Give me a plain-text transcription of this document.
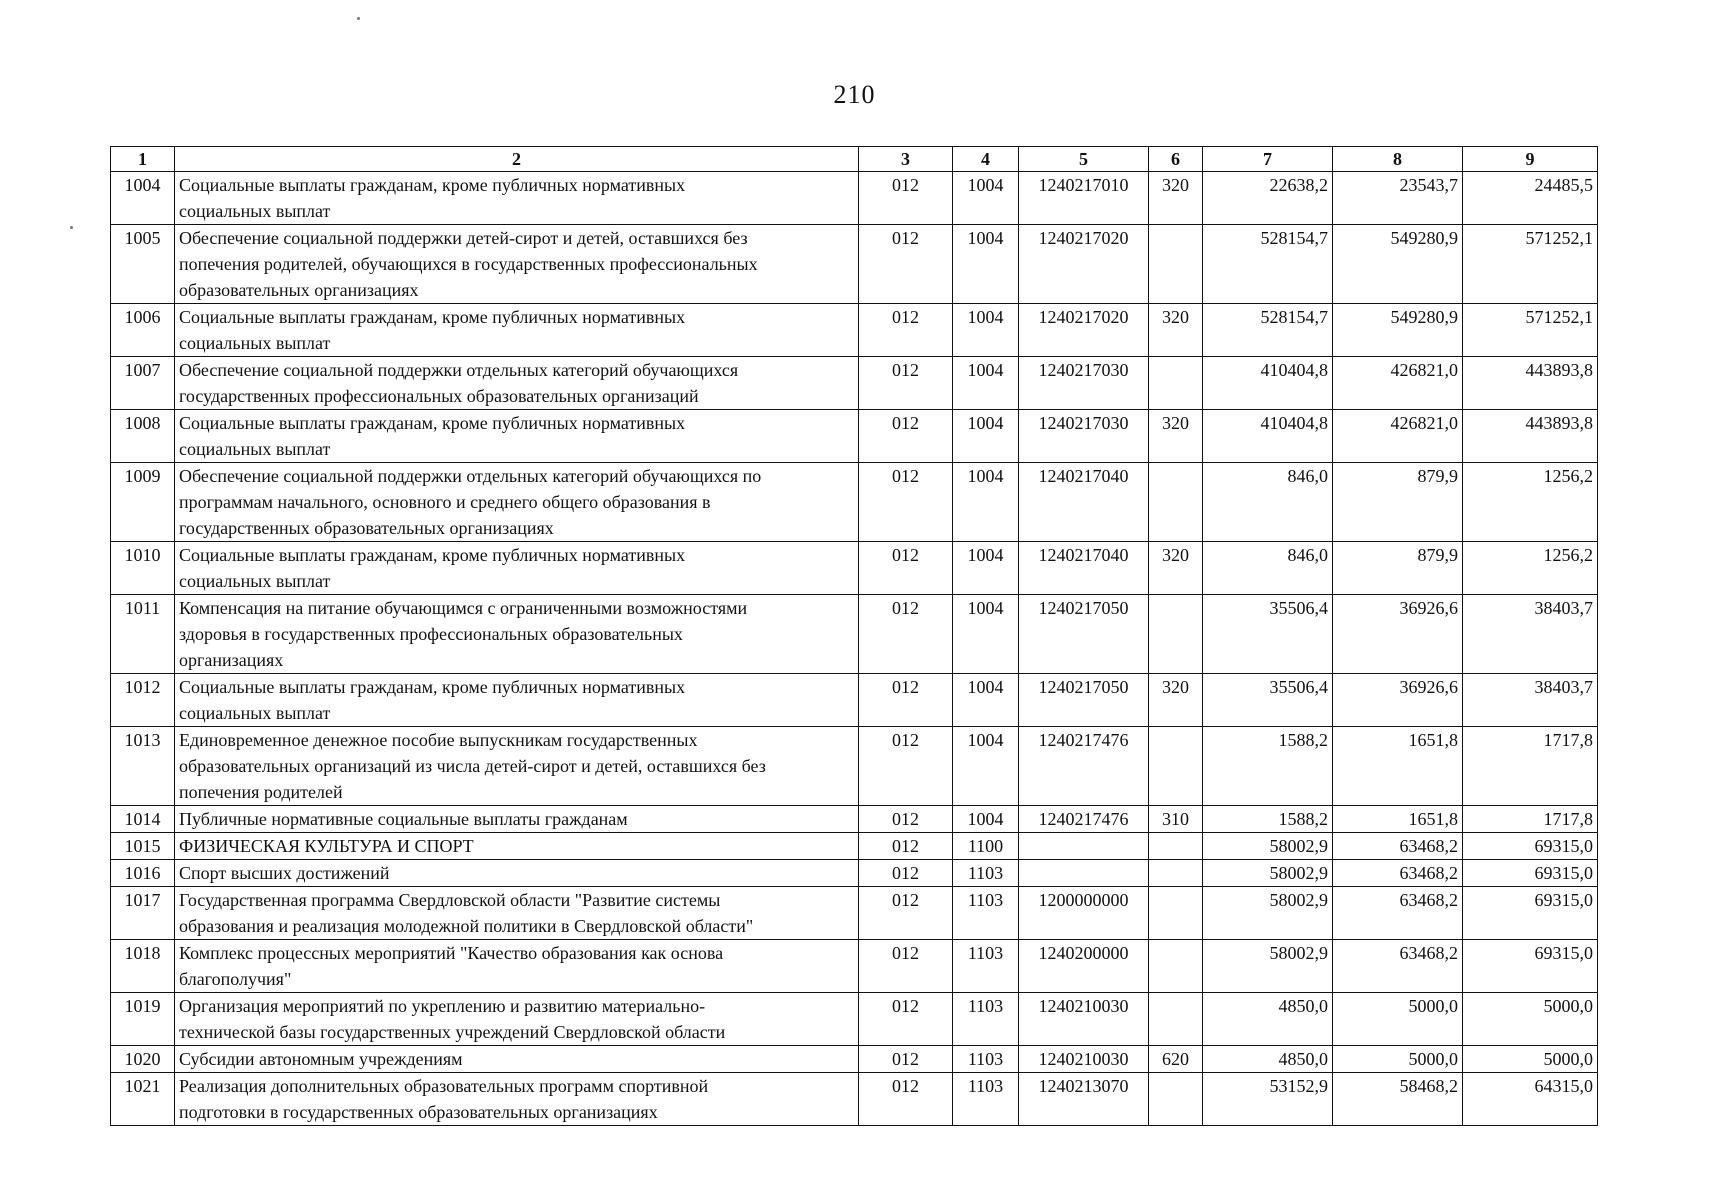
210
1	2	3	4	5	6	7	8	9
1004	Социальные выплаты гражданам, кроме публичных нормативных
социальных выплат	012	1004	1240217010	320	22638,2	23543,7	24485,5
1005	Обеспечение социальной поддержки детей-сирот и детей, оставшихся без
попечения родителей, обучающихся в государственных профессиональных
образовательных организациях	012	1004	1240217020		528154,7	549280,9	571252,1
1006	Социальные выплаты гражданам, кроме публичных нормативных
социальных выплат	012	1004	1240217020	320	528154,7	549280,9	571252,1
1007	Обеспечение социальной поддержки отдельных категорий обучающихся
государственных профессиональных образовательных организаций	012	1004	1240217030		410404,8	426821,0	443893,8
1008	Социальные выплаты гражданам, кроме публичных нормативных
социальных выплат	012	1004	1240217030	320	410404,8	426821,0	443893,8
1009	Обеспечение социальной поддержки отдельных категорий обучающихся по
программам начального, основного и среднего общего образования в
государственных образовательных организациях	012	1004	1240217040		846,0	879,9	1256,2
1010	Социальные выплаты гражданам, кроме публичных нормативных
социальных выплат	012	1004	1240217040	320	846,0	879,9	1256,2
1011	Компенсация на питание обучающимся с ограниченными возможностями
здоровья в государственных профессиональных образовательных
организациях	012	1004	1240217050		35506,4	36926,6	38403,7
1012	Социальные выплаты гражданам, кроме публичных нормативных
социальных выплат	012	1004	1240217050	320	35506,4	36926,6	38403,7
1013	Единовременное денежное пособие выпускникам государственных
образовательных организаций из числа детей-сирот и детей, оставшихся без
попечения родителей	012	1004	1240217476		1588,2	1651,8	1717,8
1014	Публичные нормативные социальные выплаты гражданам	012	1004	1240217476	310	1588,2	1651,8	1717,8
1015	ФИЗИЧЕСКАЯ КУЛЬТУРА И СПОРТ	012	1100			58002,9	63468,2	69315,0
1016	Спорт высших достижений	012	1103			58002,9	63468,2	69315,0
1017	Государственная программа Свердловской области "Развитие системы
образования и реализация молодежной политики в Свердловской области"	012	1103	1200000000		58002,9	63468,2	69315,0
1018	Комплекс процессных мероприятий "Качество образования как основа
благополучия"	012	1103	1240200000		58002,9	63468,2	69315,0
1019	Организация мероприятий по укреплению и развитию материально-
технической базы государственных учреждений Свердловской области	012	1103	1240210030		4850,0	5000,0	5000,0
1020	Субсидии автономным учреждениям	012	1103	1240210030	620	4850,0	5000,0	5000,0
1021	Реализация дополнительных образовательных программ спортивной
подготовки в государственных образовательных организациях	012	1103	1240213070		53152,9	58468,2	64315,0
